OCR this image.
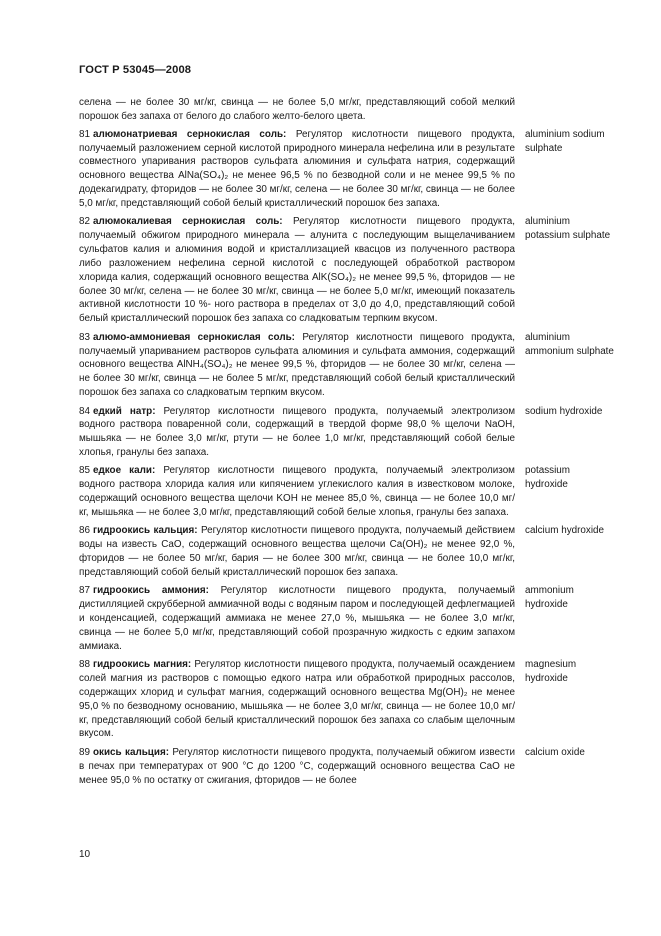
ГОСТ Р 53045—2008
селена — не более 30 мг/кг, свинца — не более 5,0 мг/кг, представляющий собой мелкий порошок без запаха от белого до слабого желто-белого цвета.
81 алюмонатриевая сернокислая соль: Регулятор кислотности пищевого продукта, получаемый разложением серной кислотой природного минерала нефелина или в результате совместного упаривания растворов сульфата алюминия и сульфата натрия, содержащий основного вещества AlNa(SO₄)₂ не менее 96,5 % по безводной соли и не менее 99,5 % по додекагидрату, фторидов — не более 30 мг/кг, селена — не более 30 мг/кг, свинца — не более 5,0 мг/кг, представляющий собой белый кристаллический порошок без запаха.
aluminium sodium sulphate
82 алюмокалиевая сернокислая соль: Регулятор кислотности пищевого продукта, получаемый обжигом природного минерала — алунита с последующим выщелачиванием сульфатов калия и алюминия водой и кристаллизацией квасцов из полученного раствора либо разложением нефелина серной кислотой с последующей обработкой раствором хлорида калия, содержащий основного вещества AlK(SO₄)₂ не менее 99,5 %, фторидов — не более 30 мг/кг, селена — не более 30 мг/кг, свинца — не более 5,0 мг/кг, имеющий показатель активной кислотности 10 %- ного раствора в пределах от 3,0 до 4,0, представляющий собой белый кристаллический порошок без запаха со сладковатым терпким вкусом.
aluminium potassium sulphate
83 алюмо-аммониевая сернокислая соль: Регулятор кислотности пищевого продукта, получаемый упариванием растворов сульфата алюминия и сульфата аммония, содержащий основного вещества AlNH₄(SO₄)₂ не менее 99,5 %, фторидов — не более 30 мг/кг, селена — не более 30 мг/кг, свинца — не более 5 мг/кг, представляющий собой белый кристаллический порошок без запаха со сладковатым терпким вкусом.
aluminium ammonium sulphate
84 едкий натр: Регулятор кислотности пищевого продукта, получаемый электролизом водного раствора поваренной соли, содержащий в твердой форме 98,0 % щелочи NaOH, мышьяка — не более 3,0 мг/кг, ртути — не более 1,0 мг/кг, представляющий собой белые хлопья, гранулы без запаха.
sodium hydroxide
85 едкое кали: Регулятор кислотности пищевого продукта, получаемый электролизом водного раствора хлорида калия или кипячением углекислого калия в известковом молоке, содержащий основного вещества щелочи KOH не менее 85,0 %, свинца — не более 10,0 мг/кг, мышьяка — не более 3,0 мг/кг, представляющий собой белые хлопья, гранулы без запаха.
potassium hydroxide
86 гидроокись кальция: Регулятор кислотности пищевого продукта, получаемый действием воды на известь CaO, содержащий основного вещества щелочи Ca(OH)₂ не менее 92,0 %, фторидов — не более 50 мг/кг, бария — не более 300 мг/кг, свинца — не более 10,0 мг/кг, представляющий собой белый кристаллический порошок без запаха.
calcium hydroxide
87 гидроокись аммония: Регулятор кислотности пищевого продукта, получаемый дистилляцией скрубберной аммиачной воды с водяным паром и последующей дефлегмацией и конденсацией, содержащий аммиака не менее 27,0 %, мышьяка — не более 3,0 мг/кг, свинца — не более 5,0 мг/кг, представляющий собой прозрачную жидкость с едким запахом аммиака.
ammonium hydroxide
88 гидроокись магния: Регулятор кислотности пищевого продукта, получаемый осаждением солей магния из растворов с помощью едкого натра или обработкой природных рассолов, содержащих хлорид и сульфат магния, содержащий основного вещества Mg(OH)₂ не менее 95,0 % по безводному основанию, мышьяка — не более 3,0 мг/кг, свинца — не более 10,0 мг/кг, представляющий собой белый кристаллический порошок без запаха со слабым щелочным вкусом.
magnesium hydroxide
89 окись кальция: Регулятор кислотности пищевого продукта, получаемый обжигом извести в печах при температурах от 900 °С до 1200 °С, содержащий основного вещества CaO не менее 95,0 % по остатку от сжигания, фторидов — не более
calcium oxide
10
